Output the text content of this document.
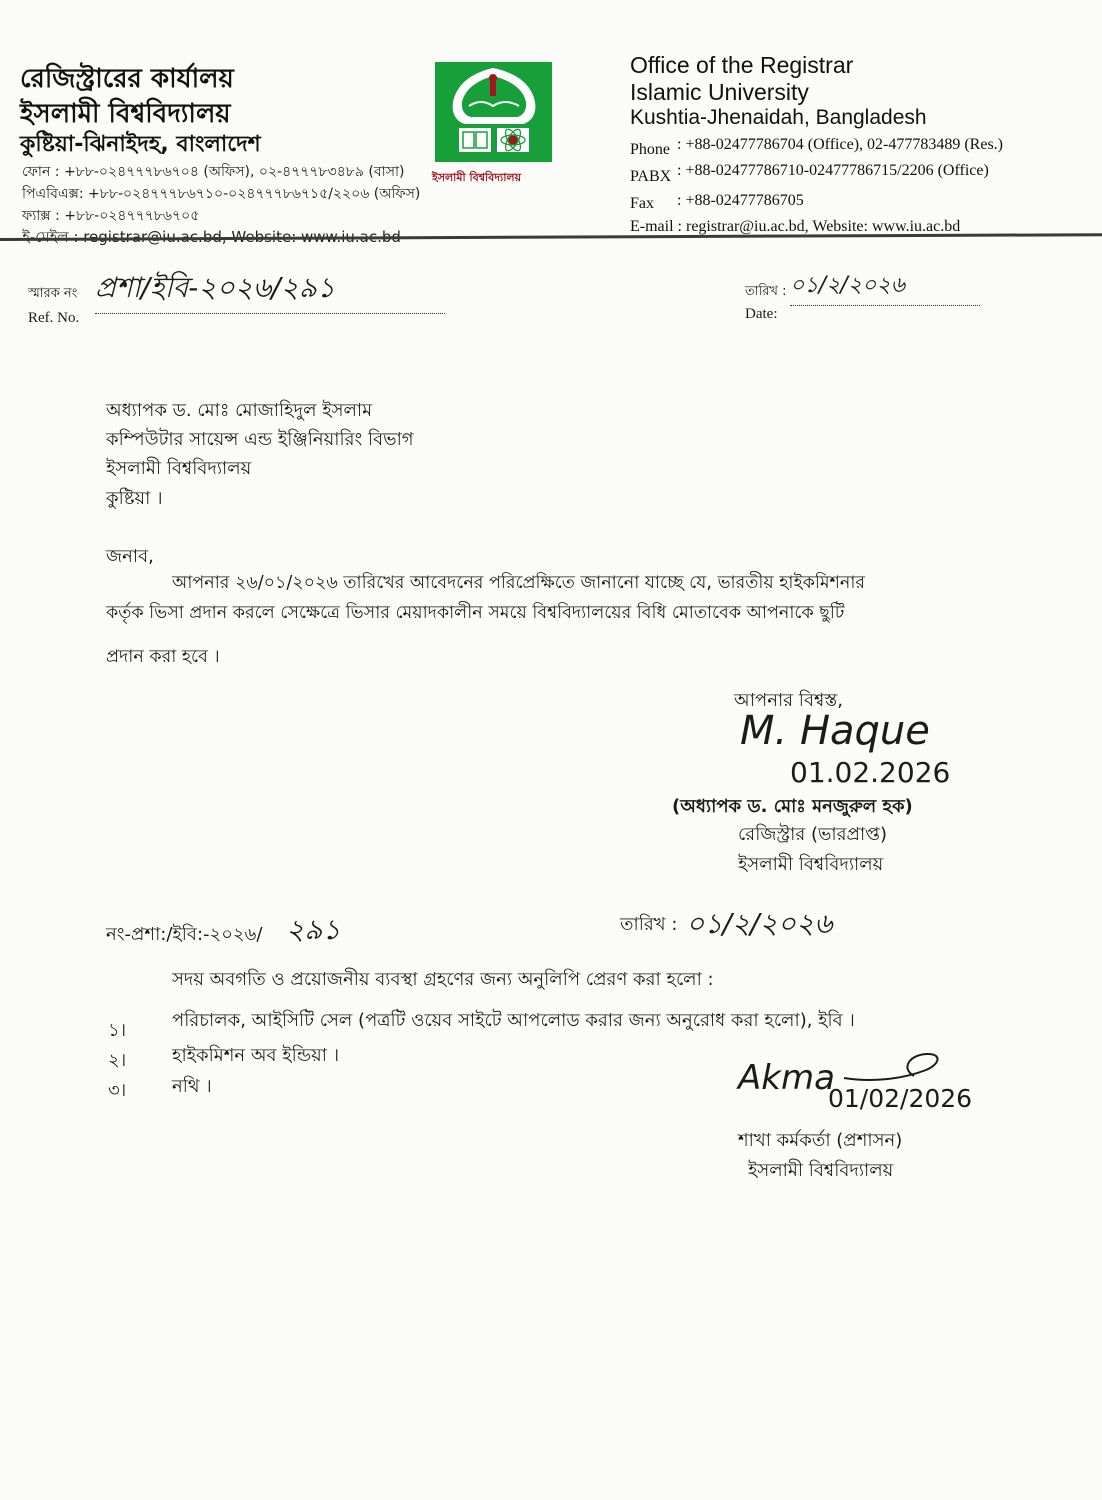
রেজিস্ট্রারের কার্যালয়
ইসলামী বিশ্ববিদ্যালয়
কুষ্টিয়া-ঝিনাইদহ, বাংলাদেশ
ফোন : +৮৮-০২৪৭৭৭৮৬৭০৪ (অফিস), ০২-৪৭৭৭৮৩৪৮৯ (বাসা)
পিএবিএক্স: +৮৮-০২৪৭৭৭৮৬৭১০-০২৪৭৭৭৮৬৭১৫/২২০৬ (অফিস)
ফ্যাক্স : +৮৮-০২৪৭৭৭৮৬৭০৫
ই-মেইল : registrar@iu.ac.bd, Website: www.iu.ac.bd
ইসলামী বিশ্ববিদ্যালয়
Office of the Registrar
Islamic University
Kushtia-Jhenaidah, Bangladesh
Phone : +88-02477786704 (Office), 02-477783489 (Res.)
PABX : +88-02477786710-02477786715/2206 (Office)
Fax : +88-02477786705
E-mail : registrar@iu.ac.bd, Website: www.iu.ac.bd
স্মারক নং প্রশা/ইবি-২০২৬/২৯১
Ref. No.
তারিখ : ০১/২/২০২৬
Date:
অধ্যাপক ড. মোঃ মোজাহিদুল ইসলাম
কম্পিউটার সায়েন্স এন্ড ইঞ্জিনিয়ারিং বিভাগ
ইসলামী বিশ্ববিদ্যালয়
কুষ্টিয়া ।
জনাব,
আপনার ২৬/০১/২০২৬ তারিখের আবেদনের পরিপ্রেক্ষিতে জানানো যাচ্ছে যে, ভারতীয় হাইকমিশনার
কর্তৃক ভিসা প্রদান করলে সেক্ষেত্রে ভিসার মেয়াদকালীন সময়ে বিশ্ববিদ্যালয়ের বিধি মোতাবেক আপনাকে ছুটি
প্রদান করা হবে ।
আপনার বিশ্বস্ত,
M. Haque
01.02.2026
(অধ্যাপক ড. মোঃ মনজুরুল হক)
রেজিস্ট্রার (ভারপ্রাপ্ত)
ইসলামী বিশ্ববিদ্যালয়
নং-প্রশা:/ইবি:-২০২৬/ ২৯১	তারিখ : ০১/২/২০২৬
সদয় অবগতি ও প্রয়োজনীয় ব্যবস্থা গ্রহণের জন্য অনুলিপি প্রেরণ করা হলো :
১।	পরিচালক, আইসিটি সেল (পত্রটি ওয়েব সাইটে আপলোড করার জন্য অনুরোধ করা হলো), ইবি ।
২।	হাইকমিশন অব ইন্ডিয়া ।
৩।	নথি ।	Akma
01/02/2026
শাখা কর্মকর্তা (প্রশাসন)
ইসলামী বিশ্ববিদ্যালয়
